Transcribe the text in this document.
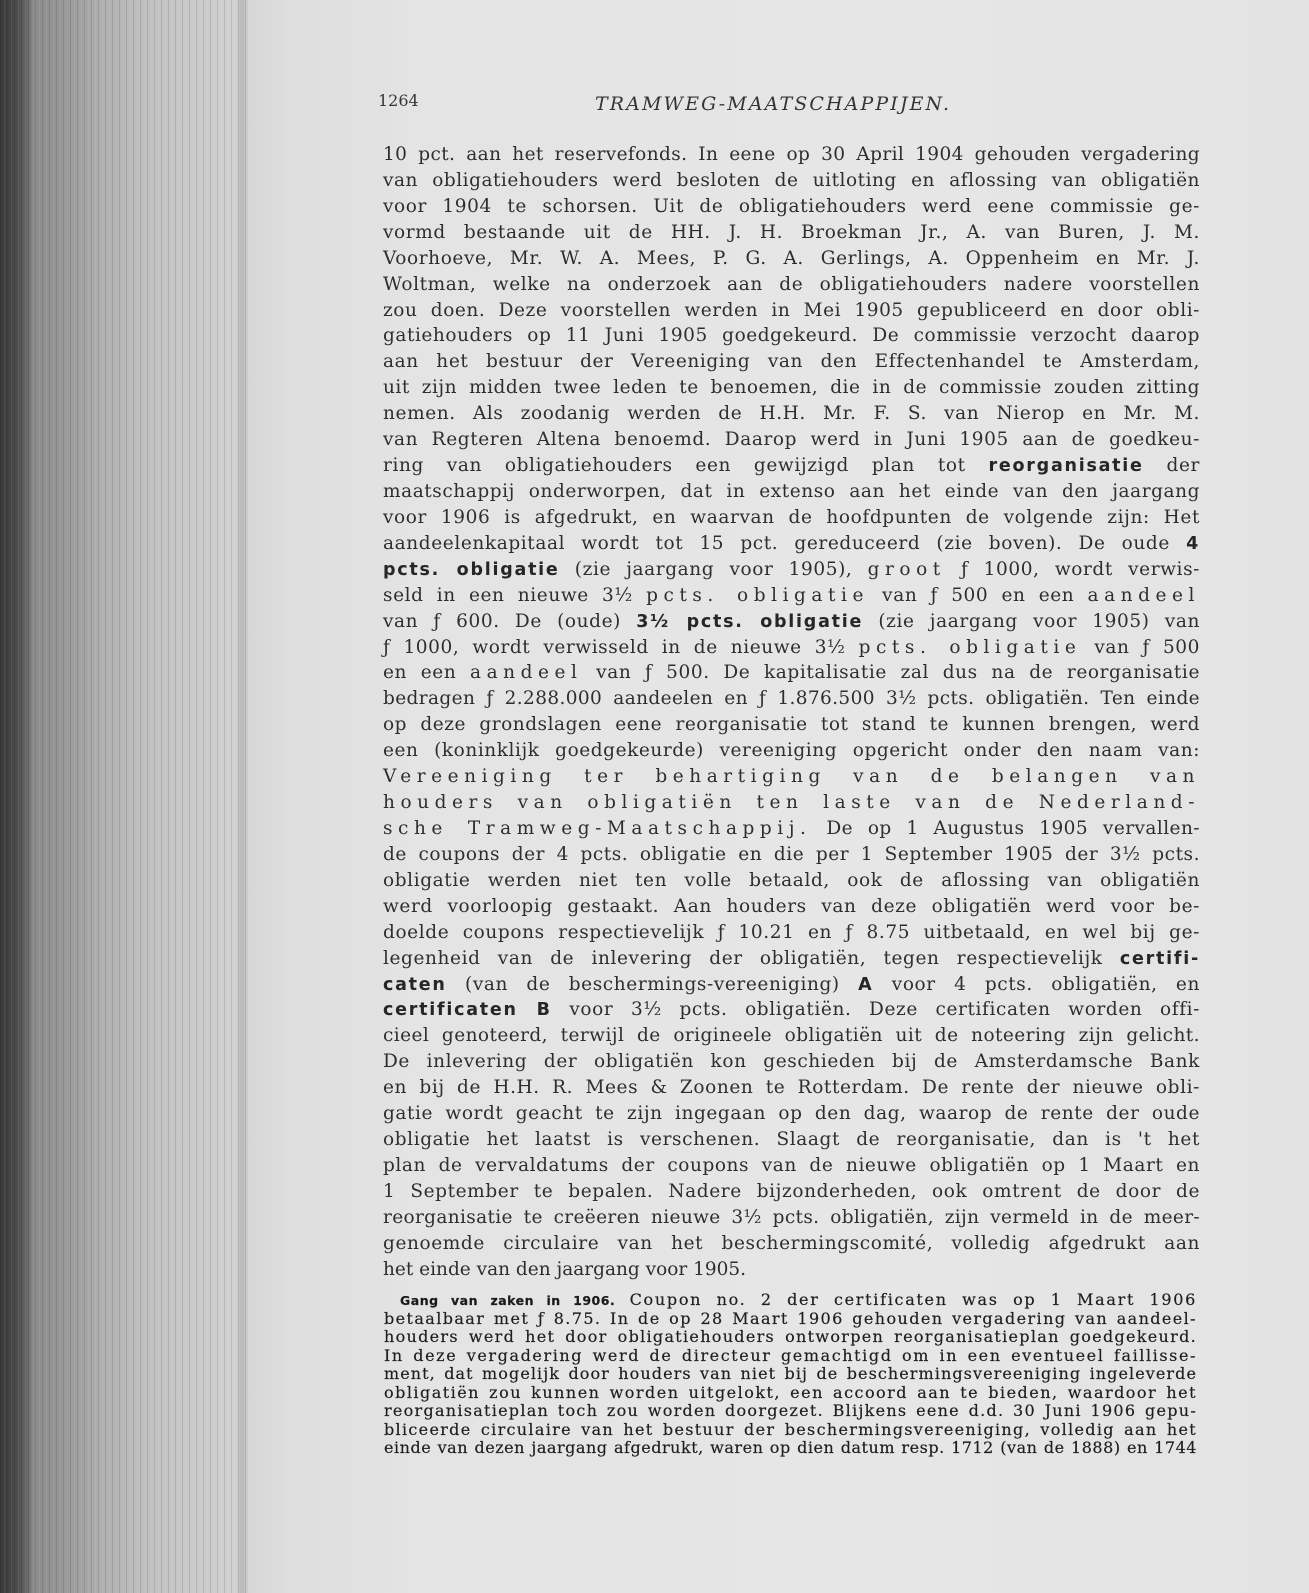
1264	TRAMWEG-MAATSCHAPPIJEN.
10 pct. aan het reservefonds. In eene op 30 April 1904 gehouden vergadering
van obligatiehouders werd besloten de uitloting en aflossing van obligatiën
voor 1904 te schorsen. Uit de obligatiehouders werd eene commissie ge-
vormd bestaande uit de HH. J. H. Broekman Jr., A. van Buren, J. M.
Voorhoeve, Mr. W. A. Mees, P. G. A. Gerlings, A. Oppenheim en Mr. J.
Woltman, welke na onderzoek aan de obligatiehouders nadere voorstellen
zou doen. Deze voorstellen werden in Mei 1905 gepubliceerd en door obli-
gatiehouders op 11 Juni 1905 goedgekeurd. De commissie verzocht daarop
aan het bestuur der Vereeniging van den Effectenhandel te Amsterdam,
uit zijn midden twee leden te benoemen, die in de commissie zouden zitting
nemen. Als zoodanig werden de H.H. Mr. F. S. van Nierop en Mr. M.
van Regteren Altena benoemd. Daarop werd in Juni 1905 aan de goedkeu-
ring van obligatiehouders een gewijzigd plan tot reorganisatie der
maatschappij onderworpen, dat in extenso aan het einde van den jaargang
voor 1906 is afgedrukt, en waarvan de hoofdpunten de volgende zijn: Het
aandeelenkapitaal wordt tot 15 pct. gereduceerd (zie boven). De oude 4
pcts. obligatie (zie jaargang voor 1905), groot ƒ 1000, wordt verwis-
seld in een nieuwe 3½ pcts. obligatie van ƒ 500 en een aandeel
van ƒ 600. De (oude) 3½ pcts. obligatie (zie jaargang voor 1905) van
ƒ 1000, wordt verwisseld in de nieuwe 3½ pcts. obligatie van ƒ 500
en een aandeel van ƒ 500. De kapitalisatie zal dus na de reorganisatie
bedragen ƒ 2.288.000 aandeelen en ƒ 1.876.500 3½ pcts. obligatiën. Ten einde
op deze grondslagen eene reorganisatie tot stand te kunnen brengen, werd
een (koninklijk goedgekeurde) vereeniging opgericht onder den naam van:
Vereeniging ter behartiging van de belangen van
houders van obligatiën ten laste van de Nederland-
sche Tramweg-Maatschappij. De op 1 Augustus 1905 vervallen-
de coupons der 4 pcts. obligatie en die per 1 September 1905 der 3½ pcts.
obligatie werden niet ten volle betaald, ook de aflossing van obligatiën
werd voorloopig gestaakt. Aan houders van deze obligatiën werd voor be-
doelde coupons respectievelijk ƒ 10.21 en ƒ 8.75 uitbetaald, en wel bij ge-
legenheid van de inlevering der obligatiën, tegen respectievelijk certifi-
caten (van de beschermings-vereeniging) A voor 4 pcts. obligatiën, en
certificaten B voor 3½ pcts. obligatiën. Deze certificaten worden offi-
cieel genoteerd, terwijl de origineele obligatiën uit de noteering zijn gelicht.
De inlevering der obligatiën kon geschieden bij de Amsterdamsche Bank
en bij de H.H. R. Mees & Zoonen te Rotterdam. De rente der nieuwe obli-
gatie wordt geacht te zijn ingegaan op den dag, waarop de rente der oude
obligatie het laatst is verschenen. Slaagt de reorganisatie, dan is 't het
plan de vervaldatums der coupons van de nieuwe obligatiën op 1 Maart en
1 September te bepalen. Nadere bijzonderheden, ook omtrent de door de
reorganisatie te creëeren nieuwe 3½ pcts. obligatiën, zijn vermeld in de meer-
genoemde circulaire van het beschermingscomité, volledig afgedrukt aan
het einde van den jaargang voor 1905.
Gang van zaken in 1906. Coupon no. 2 der certificaten was op 1 Maart 1906
betaalbaar met ƒ 8.75. In de op 28 Maart 1906 gehouden vergadering van aandeel-
houders werd het door obligatiehouders ontworpen reorganisatieplan goedgekeurd.
In deze vergadering werd de directeur gemachtigd om in een eventueel faillisse-
ment, dat mogelijk door houders van niet bij de beschermingsvereeniging ingeleverde
obligatiën zou kunnen worden uitgelokt, een accoord aan te bieden, waardoor het
reorganisatieplan toch zou worden doorgezet. Blijkens eene d.d. 30 Juni 1906 gepu-
bliceerde circulaire van het bestuur der beschermingsvereeniging, volledig aan het
einde van dezen jaargang afgedrukt, waren op dien datum resp. 1712 (van de 1888) en 1744
